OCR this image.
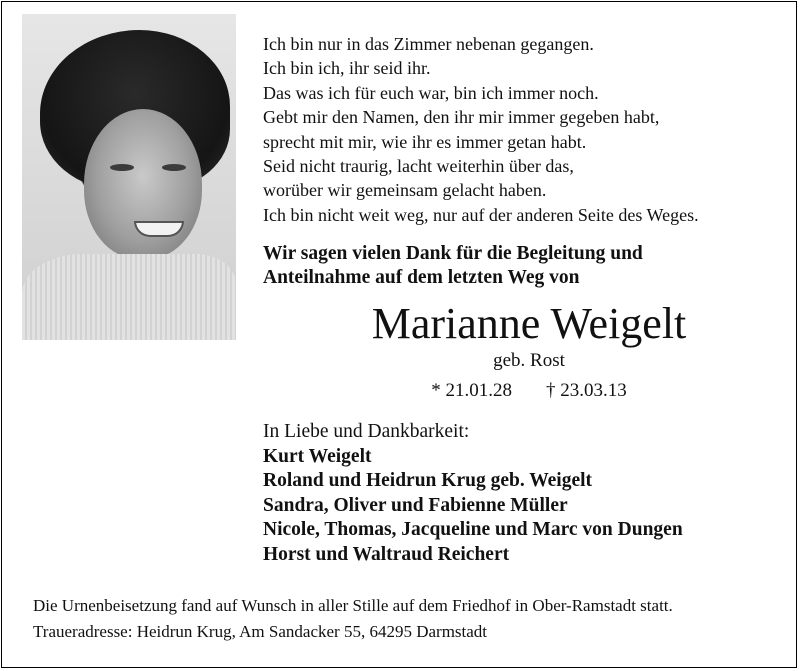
Ich bin nur in das Zimmer nebenan gegangen.
Ich bin ich, ihr seid ihr.
Das was ich für euch war, bin ich immer noch.
Gebt mir den Namen, den ihr mir immer gegeben habt,
sprecht mit mir, wie ihr es immer getan habt.
Seid nicht traurig, lacht weiterhin über das,
worüber wir gemeinsam gelacht haben.
Ich bin nicht weit weg, nur auf der anderen Seite des Weges.
Wir sagen vielen Dank für die Begleitung und
Anteilnahme auf dem letzten Weg von
Marianne Weigelt
geb. Rost
* 21.01.28 † 23.03.13
In Liebe und Dankbarkeit:
Kurt Weigelt
Roland und Heidrun Krug geb. Weigelt
Sandra, Oliver und Fabienne Müller
Nicole, Thomas, Jacqueline und Marc von Dungen
Horst und Waltraud Reichert
Die Urnenbeisetzung fand auf Wunsch in aller Stille auf dem Friedhof in Ober-Ramstadt statt.
Traueradresse: Heidrun Krug, Am Sandacker 55, 64295 Darmstadt
